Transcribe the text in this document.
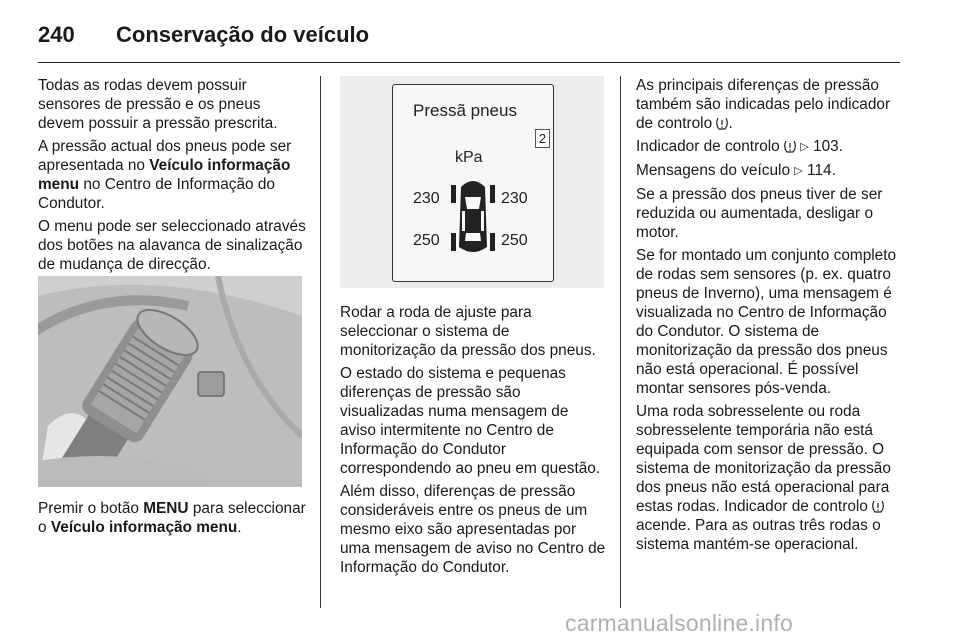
240 Conservação do veículo

Todas as rodas devem possuir sensores de pressão e os pneus devem possuir a pressão prescrita.

A pressão actual dos pneus pode ser apresentada no Veículo informação menu no Centro de Informação do Condutor.

O menu pode ser seleccionado através dos botões na alavanca de sinalização de mudança de direcção.

Premir o botão MENU para seleccionar o Veículo informação menu.

Pressã pneus
2
kPa
230	230
250	250

Rodar a roda de ajuste para seleccionar o sistema de monitorização da pressão dos pneus.

O estado do sistema e pequenas diferenças de pressão são visualizadas numa mensagem de aviso intermitente no Centro de Informação do Condutor correspondendo ao pneu em questão.

Além disso, diferenças de pressão consideráveis entre os pneus de um mesmo eixo são apresentadas por uma mensagem de aviso no Centro de Informação do Condutor.

As principais diferenças de pressão também são indicadas pelo indicador de controlo .

Indicador de controlo  ▷ 103.

Mensagens do veículo ▷ 114.

Se a pressão dos pneus tiver de ser reduzida ou aumentada, desligar o motor.

Se for montado um conjunto completo de rodas sem sensores (p. ex. quatro pneus de Inverno), uma mensagem é visualizada no Centro de Informação do Condutor. O sistema de monitorização da pressão dos pneus não está operacional. É possível montar sensores pós-venda.

Uma roda sobresselente ou roda sobresselente temporária não está equipada com sensor de pressão. O sistema de monitorização da pressão dos pneus não está operacional para estas rodas. Indicador de controlo  acende. Para as outras três rodas o sistema mantém-se operacional.

carmanualsonline.info
